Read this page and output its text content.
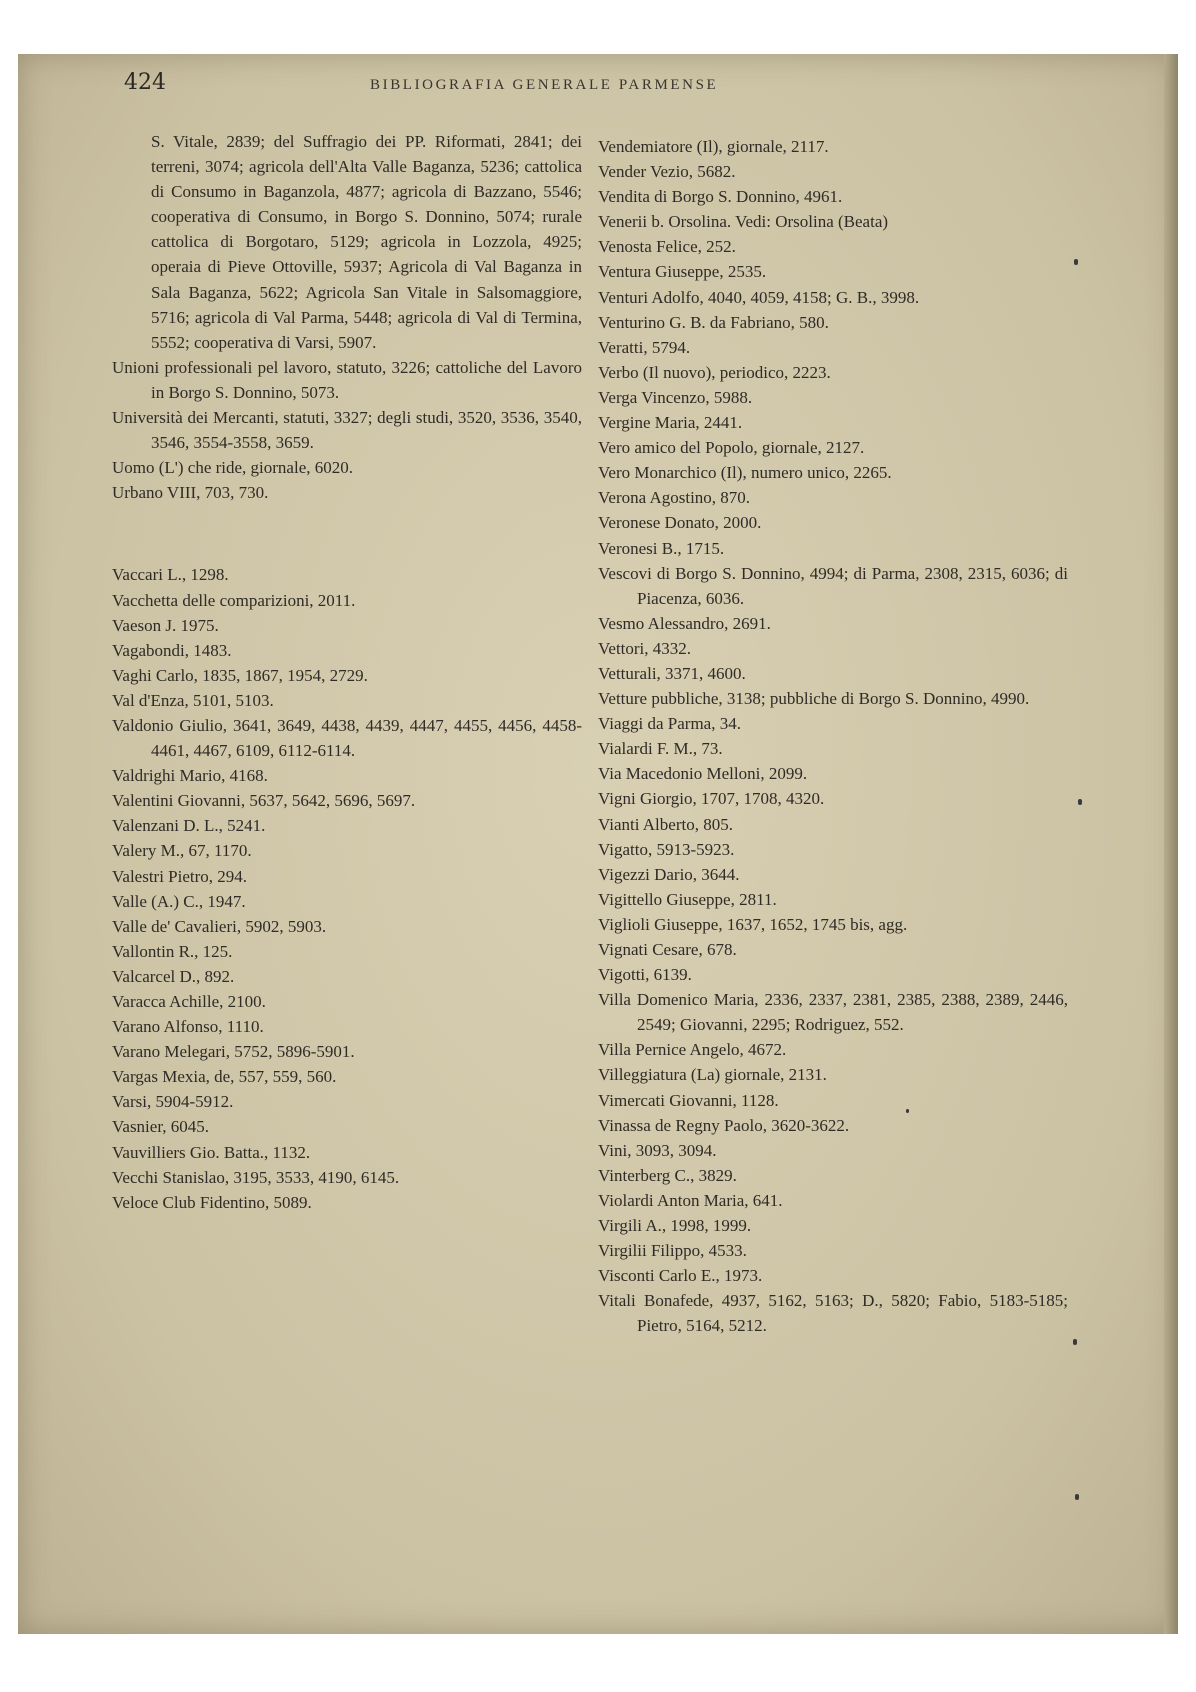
424	BIBLIOGRAFIA GENERALE PARMENSE

S. Vitale, 2839; del Suffragio dei PP. Riformati, 2841; dei terreni, 3074; agricola dell'Alta Valle Baganza, 5236; cattolica di Consumo in Baganzola, 4877; agricola di Bazzano, 5546; cooperativa di Consumo, in Borgo S. Donnino, 5074; rurale cattolica di Borgotaro, 5129; agricola in Lozzola, 4925; operaia di Pieve Ottoville, 5937; Agricola di Val Baganza in Sala Baganza, 5622; Agricola San Vitale in Salsomaggiore, 5716; agricola di Val Parma, 5448; agricola di Val di Termina, 5552; cooperativa di Varsi, 5907.

Unioni professionali pel lavoro, statuto, 3226; cattoliche del Lavoro in Borgo S. Donnino, 5073.

Università dei Mercanti, statuti, 3327; degli studi, 3520, 3536, 3540, 3546, 3554-3558, 3659.

Uomo (L') che ride, giornale, 6020.

Urbano VIII, 703, 730.

Vaccari L., 1298.

Vacchetta delle comparizioni, 2011.

Vaeson J. 1975.

Vagabondi, 1483.

Vaghi Carlo, 1835, 1867, 1954, 2729.

Val d'Enza, 5101, 5103.

Valdonio Giulio, 3641, 3649, 4438, 4439, 4447, 4455, 4456, 4458-4461, 4467, 6109, 6112-6114.

Valdrighi Mario, 4168.

Valentini Giovanni, 5637, 5642, 5696, 5697.

Valenzani D. L., 5241.

Valery M., 67, 1170.

Valestri Pietro, 294.

Valle (A.) C., 1947.

Valle de' Cavalieri, 5902, 5903.

Vallontin R., 125.

Valcarcel D., 892.

Varacca Achille, 2100.

Varano Alfonso, 1110.

Varano Melegari, 5752, 5896-5901.

Vargas Mexia, de, 557, 559, 560.

Varsi, 5904-5912.

Vasnier, 6045.

Vauvilliers Gio. Batta., 1132.

Vecchi Stanislao, 3195, 3533, 4190, 6145.

Veloce Club Fidentino, 5089.

Vendemiatore (Il), giornale, 2117.

Vender Vezio, 5682.

Vendita di Borgo S. Donnino, 4961.

Venerii b. Orsolina. Vedi: Orsolina (Beata)

Venosta Felice, 252.

Ventura Giuseppe, 2535.

Venturi Adolfo, 4040, 4059, 4158; G. B., 3998.

Venturino G. B. da Fabriano, 580.

Veratti, 5794.

Verbo (Il nuovo), periodico, 2223.

Verga Vincenzo, 5988.

Vergine Maria, 2441.

Vero amico del Popolo, giornale, 2127.

Vero Monarchico (Il), numero unico, 2265.

Verona Agostino, 870.

Veronese Donato, 2000.

Veronesi B., 1715.

Vescovi di Borgo S. Donnino, 4994; di Parma, 2308, 2315, 6036; di Piacenza, 6036.

Vesmo Alessandro, 2691.

Vettori, 4332.

Vetturali, 3371, 4600.

Vetture pubbliche, 3138; pubbliche di Borgo S. Donnino, 4990.

Viaggi da Parma, 34.

Vialardi F. M., 73.

Via Macedonio Melloni, 2099.

Vigni Giorgio, 1707, 1708, 4320.

Vianti Alberto, 805.

Vigatto, 5913-5923.

Vigezzi Dario, 3644.

Vigittello Giuseppe, 2811.

Viglioli Giuseppe, 1637, 1652, 1745 bis, agg.

Vignati Cesare, 678.

Vigotti, 6139.

Villa Domenico Maria, 2336, 2337, 2381, 2385, 2388, 2389, 2446, 2549; Giovanni, 2295; Rodriguez, 552.

Villa Pernice Angelo, 4672.

Villeggiatura (La) giornale, 2131.

Vimercati Giovanni, 1128.

Vinassa de Regny Paolo, 3620-3622.

Vini, 3093, 3094.

Vinterberg C., 3829.

Violardi Anton Maria, 641.

Virgili A., 1998, 1999.

Virgilii Filippo, 4533.

Visconti Carlo E., 1973.

Vitali Bonafede, 4937, 5162, 5163; D., 5820; Fabio, 5183-5185; Pietro, 5164, 5212.
